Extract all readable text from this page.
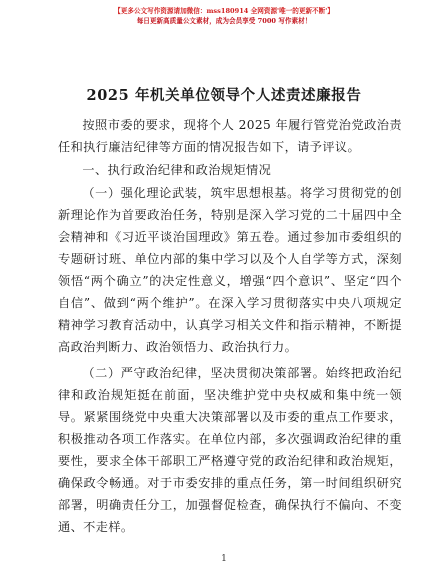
【更多公文写作资源请加微信：mss180914 全网资源'唯一的更新不断'】
每日更新高质量公文素材，成为会员享受 7000 写作素材！
2025 年机关单位领导个人述责述廉报告

按照市委的要求，现将个人 2025 年履行管党治党政治责任和执行廉洁纪律等方面的情况报告如下，请予评议。

一、执行政治纪律和政治规矩情况

（一）强化理论武装，筑牢思想根基。将学习贯彻党的创新理论作为首要政治任务，特别是深入学习党的二十届四中全会精神和《习近平谈治国理政》第五卷。通过参加市委组织的专题研讨班、单位内部的集中学习以及个人自学等方式，深刻领悟“两个确立”的决定性意义，增强“四个意识”、坚定“四个自信”、做到“两个维护”。在深入学习贯彻落实中央八项规定精神学习教育活动中，认真学习相关文件和指示精神，不断提高政治判断力、政治领悟力、政治执行力。

（二）严守政治纪律，坚决贯彻决策部署。始终把政治纪律和政治规矩挺在前面，坚决维护党中央权威和集中统一领导。紧紧围绕党中央重大决策部署以及市委的重点工作要求，积极推动各项工作落实。在单位内部，多次强调政治纪律的重要性，要求全体干部职工严格遵守党的政治纪律和政治规矩，确保政令畅通。对于市委安排的重点任务，第一时间组织研究部署，明确责任分工，加强督促检查，确保执行不偏向、不变通、不走样。

1
